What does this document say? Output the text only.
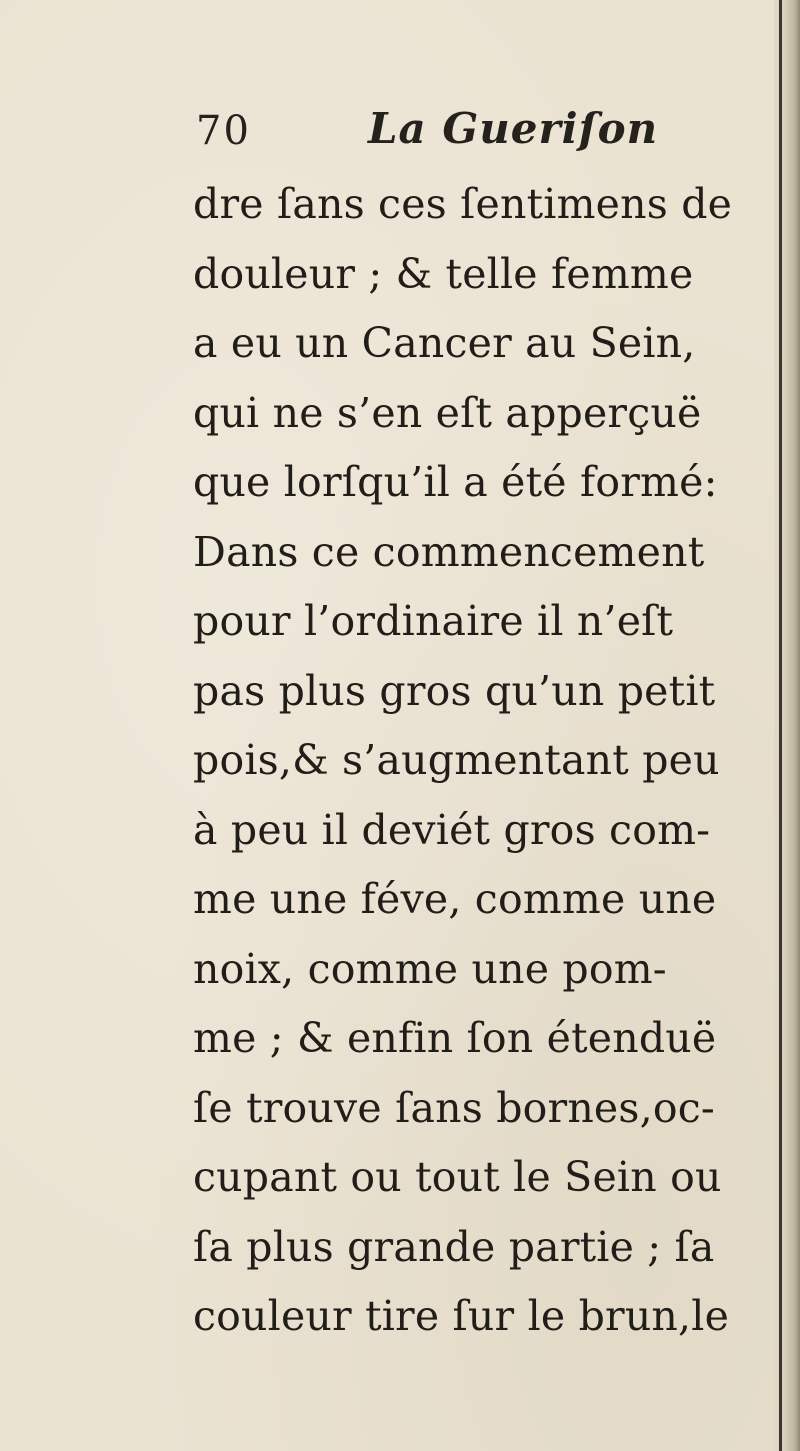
70	La Gueriſon
dre ſans ces ſentimens de
douleur ; & telle femme
a eu un Cancer au Sein,
qui ne s’en eſt apperçuë
que lorſqu’il a été formé:
Dans ce commencement
pour l’ordinaire il n’eſt
pas plus gros qu’un petit
pois,& s’augmentant peu
à peu il deviét gros com-
me une féve, comme une
noix, comme une pom-
me ; & enfin ſon étenduë
ſe trouve ſans bornes,oc-
cupant ou tout le Sein ou
ſa plus grande partie ; ſa
couleur tire ſur le brun,le
